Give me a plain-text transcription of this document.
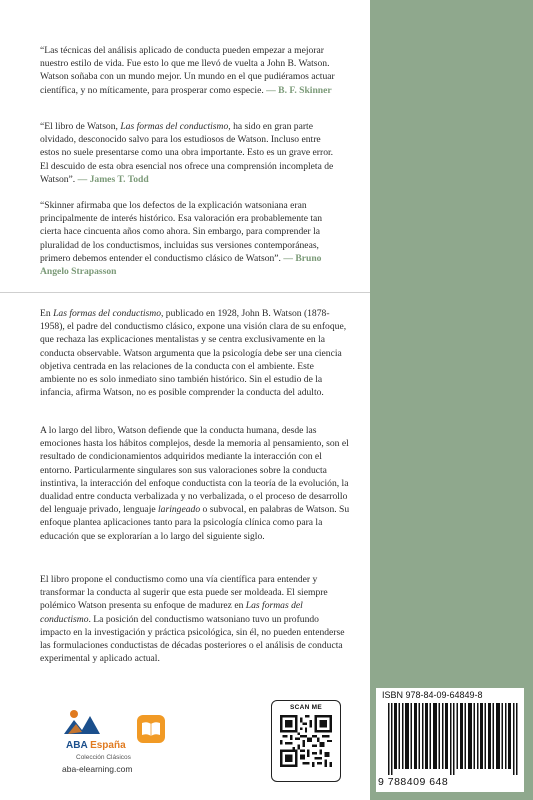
“Las técnicas del análisis aplicado de conducta pueden empezar a mejorar nuestro estilo de vida. Fue esto lo que me llevó de vuelta a John B. Watson. Watson soñaba con un mundo mejor. Un mundo en el que pudiéramos actuar científica, y no míticamente, para prosperar como especie. — B. F. Skinner

“El libro de Watson, Las formas del conductismo, ha sido en gran parte olvidado, desconocido salvo para los estudiosos de Watson. Incluso entre estos no suele presentarse como una obra importante. Esto es un grave error. El descuido de esta obra esencial nos ofrece una comprensión incompleta de Watson”. — James T. Todd

“Skinner afirmaba que los defectos de la explicación watsoniana eran principalmente de interés histórico. Esa valoración era probablemente tan cierta hace cincuenta años como ahora. Sin embargo, para comprender la pluralidad de los conductismos, incluidas sus versiones contemporáneas, primero debemos entender el conductismo clásico de Watson”. — Bruno Angelo Strapasson

En Las formas del conductismo, publicado en 1928, John B. Watson (1878-1958), el padre del conductismo clásico, expone una visión clara de su enfoque, que rechaza las explicaciones mentalistas y se centra exclusivamente en la conducta observable. Watson argumenta que la psicología debe ser una ciencia objetiva centrada en las relaciones de la conducta con el ambiente. Este ambiente no es solo inmediato sino también histórico. Sin el estudio de la infancia, afirma Watson, no es posible comprender la conducta del adulto.

A lo largo del libro, Watson defiende que la conducta humana, desde las emociones hasta los hábitos complejos, desde la memoria al pensamiento, son el resultado de condicionamientos adquiridos mediante la interacción con el entorno. Particularmente singulares son sus valoraciones sobre la conducta instintiva, la interacción del enfoque conductista con la teoría de la evolución, la dualidad entre conducta verbalizada y no verbalizada, o el proceso de desarrollo del lenguaje privado, lenguaje laringeado o subvocal, en palabras de Watson. Su enfoque plantea aplicaciones tanto para la psicología clínica como para la educación que se explorarían a lo largo del siguiente siglo.

El libro propone el conductismo como una vía científica para entender y transformar la conducta al sugerir que esta puede ser moldeada. El siempre polémico Watson presenta su enfoque de madurez en Las formas del conductismo. La posición del conductismo watsoniano tuvo un profundo impacto en la investigación y práctica psicológica, sin él, no pueden entenderse las formulaciones conductistas de décadas posteriores o el análisis de conducta experimental y aplicado actual.

ABA España
Colección Clásicos
aba-elearning.com
SCAN ME
ISBN 978-84-09-64849-8
9 788409 648
